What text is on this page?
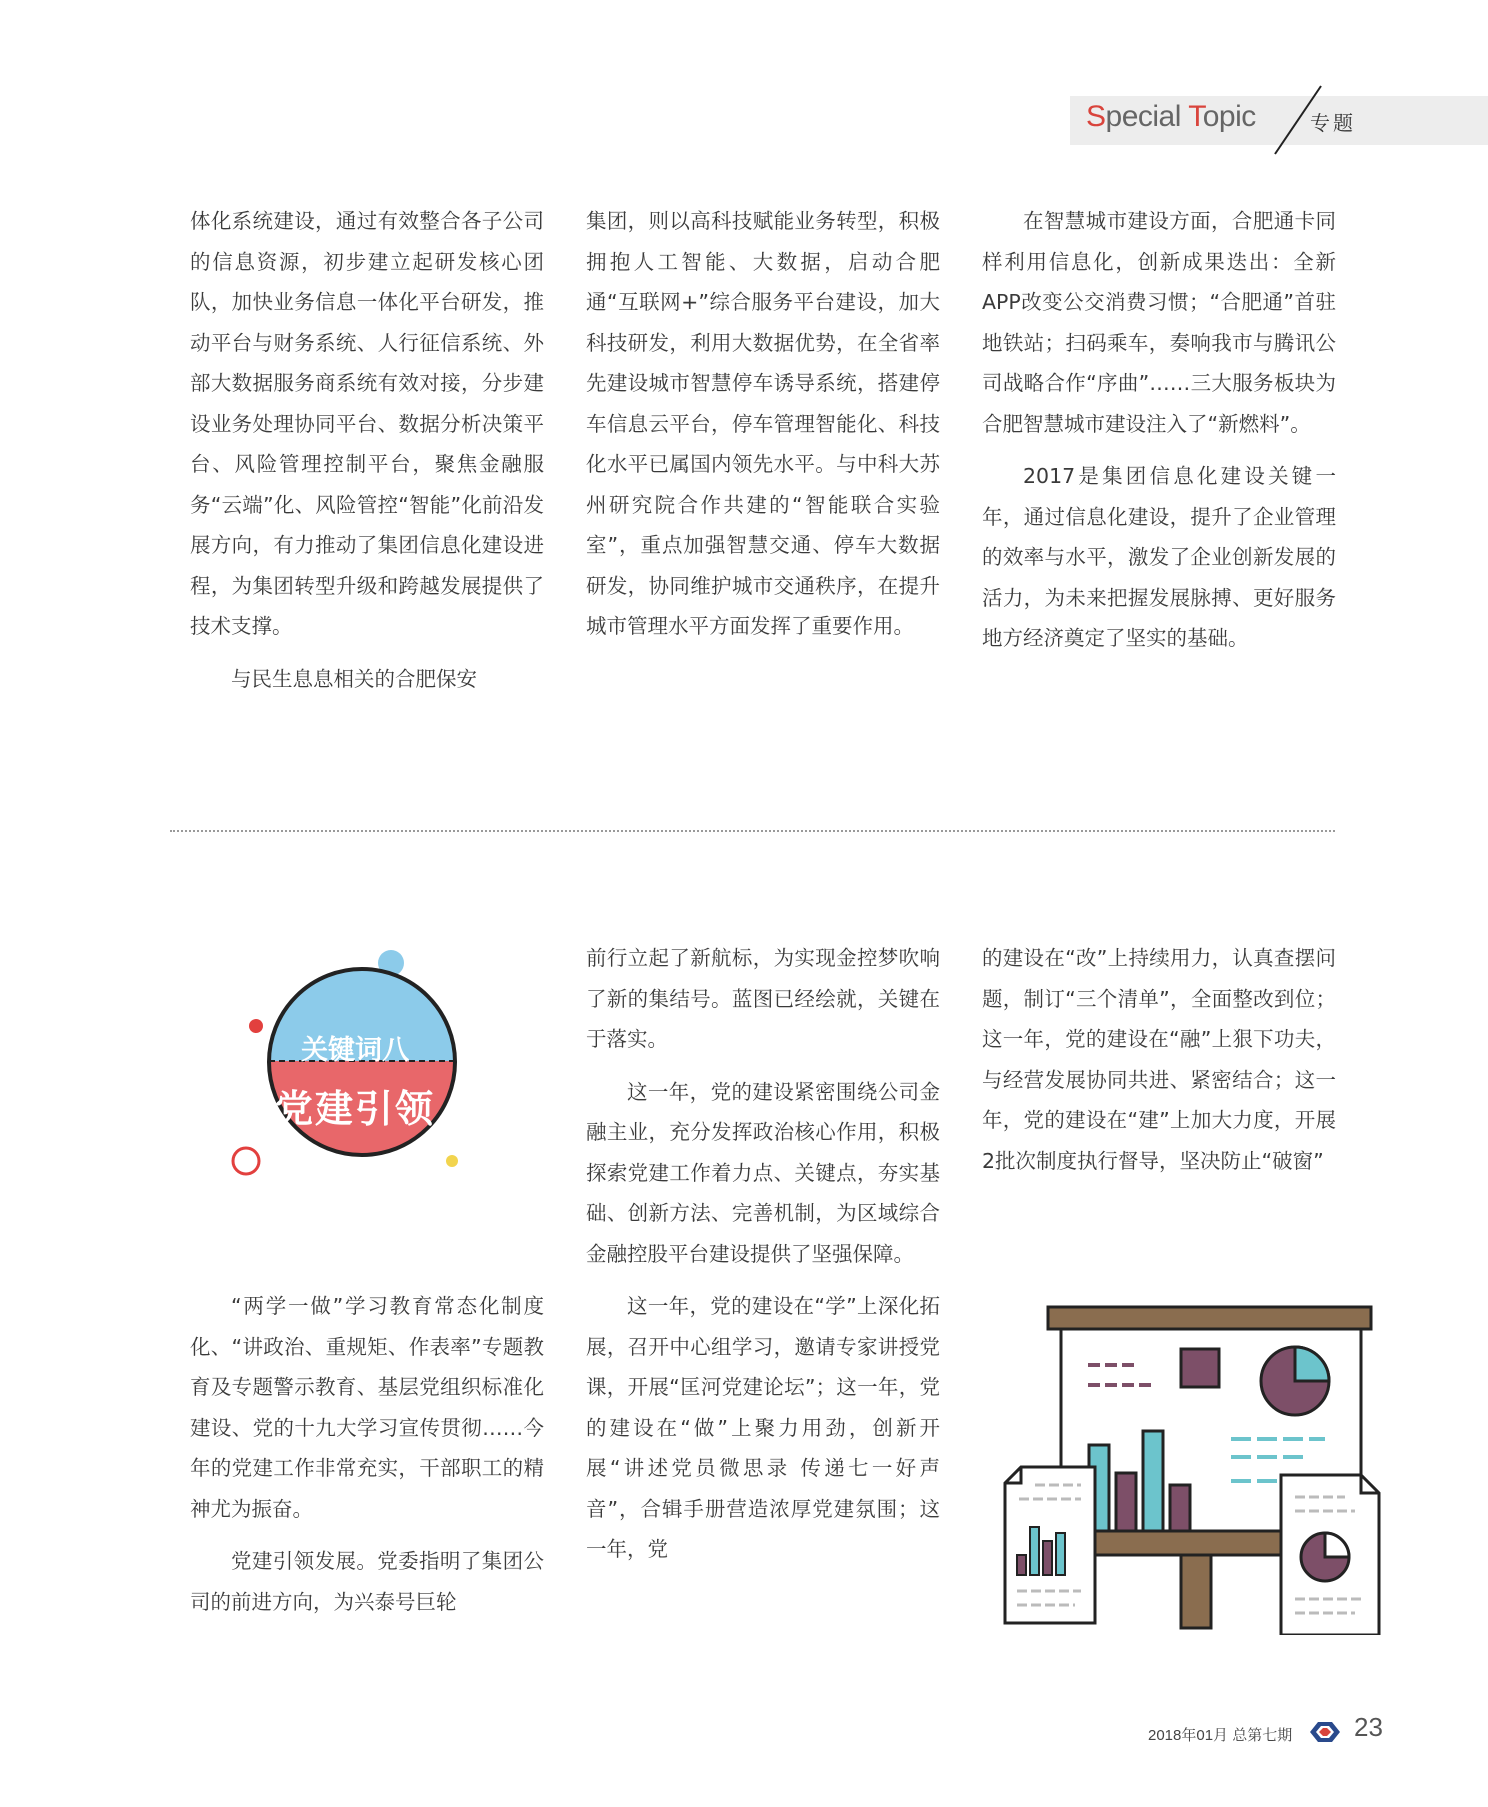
Special Topic	专题

体化系统建设，通过有效整合各子公司的信息资源，初步建立起研发核心团队，加快业务信息一体化平台研发，推动平台与财务系统、人行征信系统、外部大数据服务商系统有效对接，分步建设业务处理协同平台、数据分析决策平台、风险管理控制平台，聚焦金融服务“云端”化、风险管控“智能”化前沿发展方向，有力推动了集团信息化建设进程，为集团转型升级和跨越发展提供了技术支撑。

与民生息息相关的合肥保安

集团，则以高科技赋能业务转型，积极拥抱人工智能、大数据，启动合肥通“互联网+”综合服务平台建设，加大科技研发，利用大数据优势，在全省率先建设城市智慧停车诱导系统，搭建停车信息云平台，停车管理智能化、科技化水平已属国内领先水平。与中科大苏州研究院合作共建的“智能联合实验室”，重点加强智慧交通、停车大数据研发，协同维护城市交通秩序，在提升城市管理水平方面发挥了重要作用。

在智慧城市建设方面，合肥通卡同样利用信息化，创新成果迭出：全新APP改变公交消费习惯；“合肥通”首驻地铁站；扫码乘车，奏响我市与腾讯公司战略合作“序曲”……三大服务板块为合肥智慧城市建设注入了“新燃料”。

2017是集团信息化建设关键一年，通过信息化建设，提升了企业管理的效率与水平，激发了企业创新发展的活力，为未来把握发展脉搏、更好服务地方经济奠定了坚实的基础。

关键词八
党建引领

“两学一做”学习教育常态化制度化、“讲政治、重规矩、作表率”专题教育及专题警示教育、基层党组织标准化建设、党的十九大学习宣传贯彻……今年的党建工作非常充实，干部职工的精神尤为振奋。

党建引领发展。党委指明了集团公司的前进方向，为兴泰号巨轮

前行立起了新航标，为实现金控梦吹响了新的集结号。蓝图已经绘就，关键在于落实。

这一年，党的建设紧密围绕公司金融主业，充分发挥政治核心作用，积极探索党建工作着力点、关键点，夯实基础、创新方法、完善机制，为区域综合金融控股平台建设提供了坚强保障。

这一年，党的建设在“学”上深化拓展，召开中心组学习，邀请专家讲授党课，开展“匡河党建论坛”；这一年，党的建设在“做”上聚力用劲，创新开展“讲述党员微思录 传递七一好声音”，合辑手册营造浓厚党建氛围；这一年，党

的建设在“改”上持续用力，认真查摆问题，制订“三个清单”，全面整改到位；这一年，党的建设在“融”上狠下功夫，与经营发展协同共进、紧密结合；这一年，党的建设在“建”上加大力度，开展2批次制度执行督导，坚决防止“破窗”

2018年01月 总第七期 23
